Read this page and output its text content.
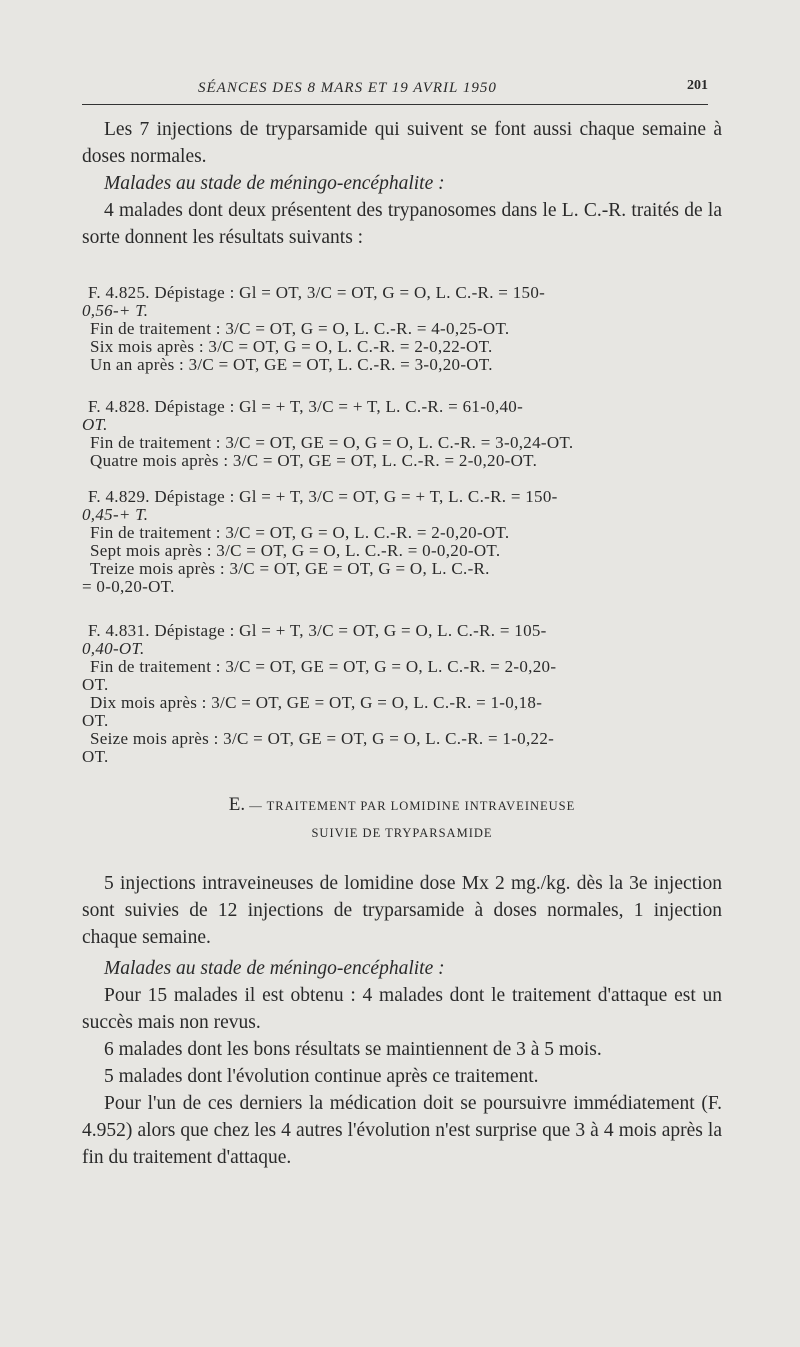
SÉANCES DES 8 MARS ET 19 AVRIL 1950	201

Les 7 injections de tryparsamide qui suivent se font aussi chaque semaine à doses normales.

Malades au stade de méningo-encéphalite :

4 malades dont deux présentent des trypanosomes dans le L. C.-R. traités de la sorte donnent les résultats suivants :

F. 4.825. Dépistage : Gl = OT, 3/C = OT, G = O, L. C.-R. = 150-
0,56-+ T.
Fin de traitement : 3/C = OT, G = O, L. C.-R. = 4-0,25-OT.
Six mois après : 3/C = OT, G = O, L. C.-R. = 2-0,22-OT.
Un an après : 3/C = OT, GE = OT, L. C.-R. = 3-0,20-OT.
F. 4.828. Dépistage : Gl = + T, 3/C = + T, L. C.-R. = 61-0,40-
OT.
Fin de traitement : 3/C = OT, GE = O, G = O, L. C.-R. = 3-0,24-OT.
Quatre mois après : 3/C = OT, GE = OT, L. C.-R. = 2-0,20-OT.
F. 4.829. Dépistage : Gl = + T, 3/C = OT, G = + T, L. C.-R. = 150-
0,45-+ T.
Fin de traitement : 3/C = OT, G = O, L. C.-R. = 2-0,20-OT.
Sept mois après : 3/C = OT, G = O, L. C.-R. = 0-0,20-OT.
Treize mois après : 3/C = OT, GE = OT, G = O, L. C.-R.
= 0-0,20-OT.
F. 4.831. Dépistage : Gl = + T, 3/C = OT, G = O, L. C.-R. = 105-
0,40-OT.
Fin de traitement : 3/C = OT, GE = OT, G = O, L. C.-R. = 2-0,20-
OT.
Dix mois après : 3/C = OT, GE = OT, G = O, L. C.-R. = 1-0,18-
OT.
Seize mois après : 3/C = OT, GE = OT, G = O, L. C.-R. = 1-0,22-
OT.
E. — TRAITEMENT PAR LOMIDINE INTRAVEINEUSE
SUIVIE DE TRYPARSAMIDE

5 injections intraveineuses de lomidine dose Mx 2 mg./kg. dès la 3e injection sont suivies de 12 injections de tryparsamide à doses normales, 1 injection chaque semaine.

Malades au stade de méningo-encéphalite :

Pour 15 malades il est obtenu : 4 malades dont le traitement d'attaque est un succès mais non revus.

6 malades dont les bons résultats se maintiennent de 3 à 5 mois.

5 malades dont l'évolution continue après ce traitement.

Pour l'un de ces derniers la médication doit se poursuivre immédiatement (F. 4.952) alors que chez les 4 autres l'évolution n'est surprise que 3 à 4 mois après la fin du traitement d'attaque.
